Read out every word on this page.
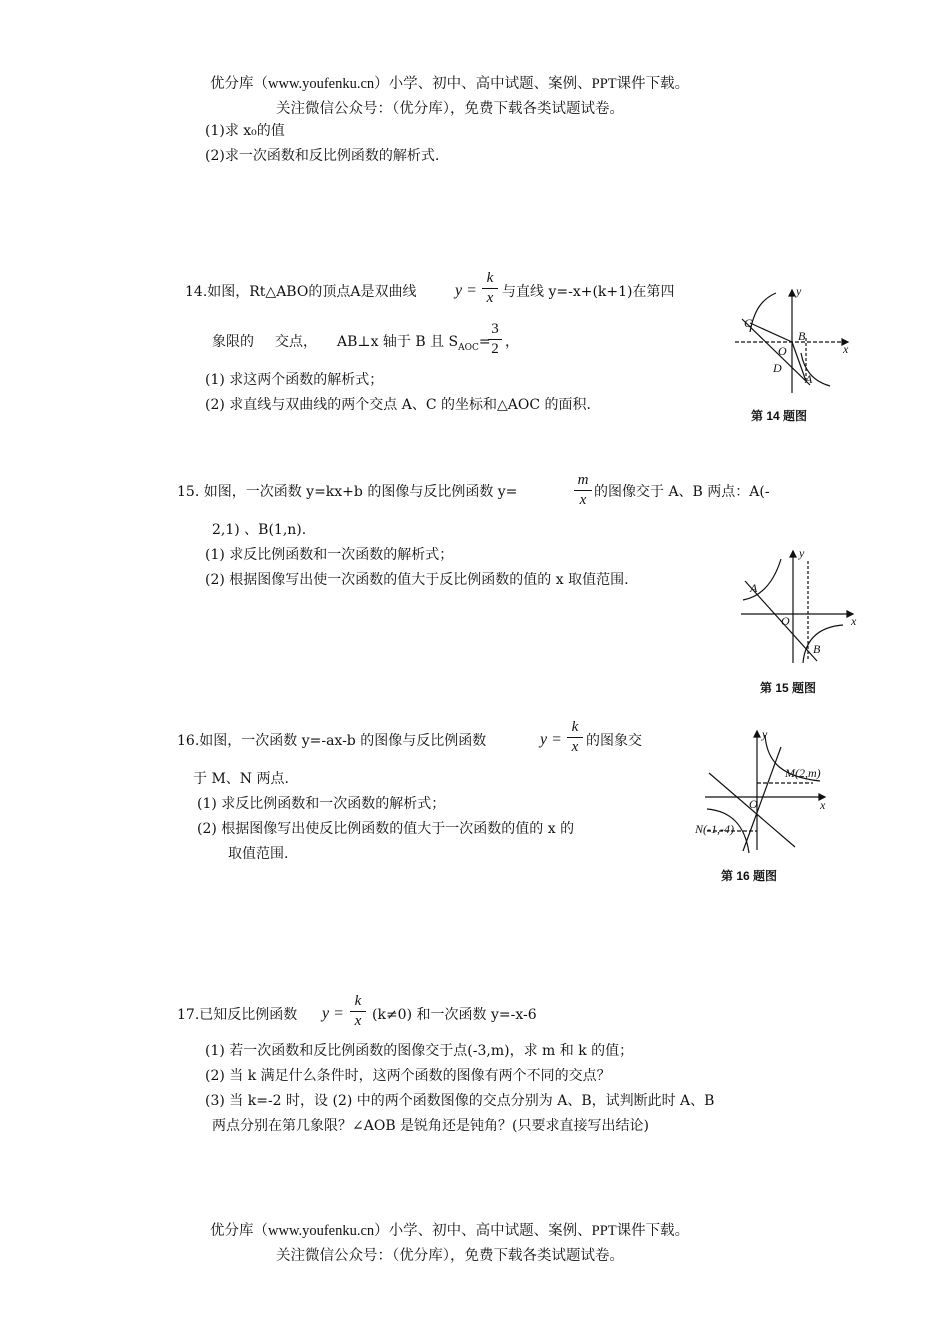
优分库（www.youfenku.cn）小学、初中、高中试题、案例、PPT课件下载。
关注微信公众号：（优分库），免费下载各类试题试卷。
(1)求 x₀的值
(2)求一次函数和反比例函数的解析式.
14.如图，Rt△ABO的顶点A是双曲线 y =
k
x 与直线 y=-x+(k+1)在第四
象限的 交点， AB⊥x 轴于 B 且 $S_{AOC}=$
3
2 ，
(1) 求这两个函数的解析式；
(2) 求直线与双曲线的两个交点 A、C 的坐标和△AOC 的面积.
y
x
C
B
O
D
A
第 14 题图
15. 如图，一次函数 y=kx+b 的图像与反比例函数 y=
m
x 的图像交于 A、B 两点：A(-
2,1) 、B(1,n).
(1) 求反比例函数和一次函数的解析式；
(2) 根据图像写出使一次函数的值大于反比例函数的值的 x 取值范围.
y
x
A
O
B
第 15 题图
16.如图，一次函数 y=-ax-b 的图像与反比例函数	y =
k
x 的图象交
于 M、N 两点.
(1) 求反比例函数和一次函数的解析式；
(2) 根据图像写出使反比例函数的值大于一次函数的值的 x 的
取值范围.
y
x
O
M(2,m)
N(-1,-4)
第 16 题图
17.已知反比例函数 y =
k
x (k≠0) 和一次函数 y=-x-6
(1) 若一次函数和反比例函数的图像交于点(-3,m)，求 m 和 k 的值；
(2) 当 k 满足什么条件时，这两个函数的图像有两个不同的交点？
(3) 当 k=-2 时，设 (2) 中的两个函数图像的交点分别为 A、B，试判断此时 A、B
两点分别在第几象限？∠AOB 是锐角还是钝角？(只要求直接写出结论)
优分库（www.youfenku.cn）小学、初中、高中试题、案例、PPT课件下载。
关注微信公众号：（优分库），免费下载各类试题试卷。
